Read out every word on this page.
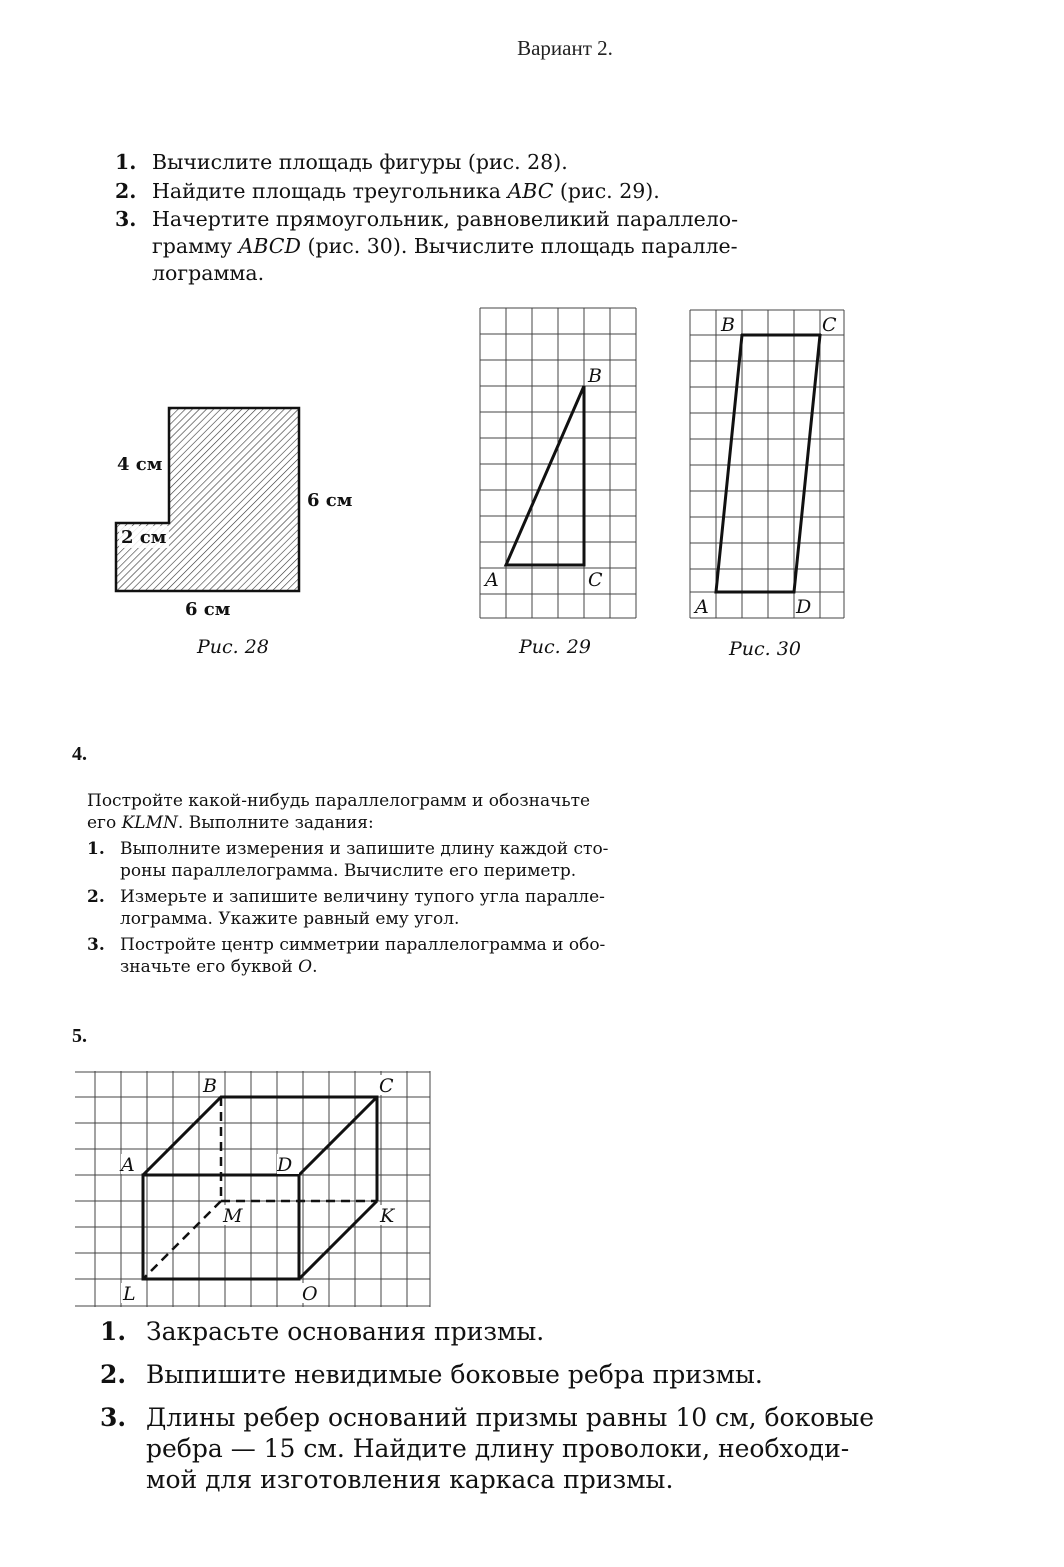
Вариант 2.
1. Вычислите площадь фигуры (рис. 28).
2. Найдите площадь треугольника ABC (рис. 29).
3. Начертите прямоугольник, равновеликий параллело-
грамму ABCD (рис. 30). Вычислите площадь паралле-
лограмма.
4 см
2 см
6 см
6 см
Рис. 28
B
A	C
Рис. 29
B	C
A	D
Рис. 30
4.
Постройте какой-нибудь параллелограмм и обозначьте
его KLMN. Выполните задания:
1. Выполните измерения и запишите длину каждой сто-
роны параллелограмма. Вычислите его периметр.
2. Измерьте и запишите величину тупого угла паралле-
лограмма. Укажите равный ему угол.
3. Постройте центр симметрии параллелограмма и обо-
значьте его буквой O.
5.
B	C
A	D
M	K
L	O
1. Закрасьте основания призмы.
2. Выпишите невидимые боковые ребра призмы.
3. Длины ребер оснований призмы равны 10 см, боковые
ребра — 15 см. Найдите длину проволоки, необходи-
мой для изготовления каркаса призмы.
